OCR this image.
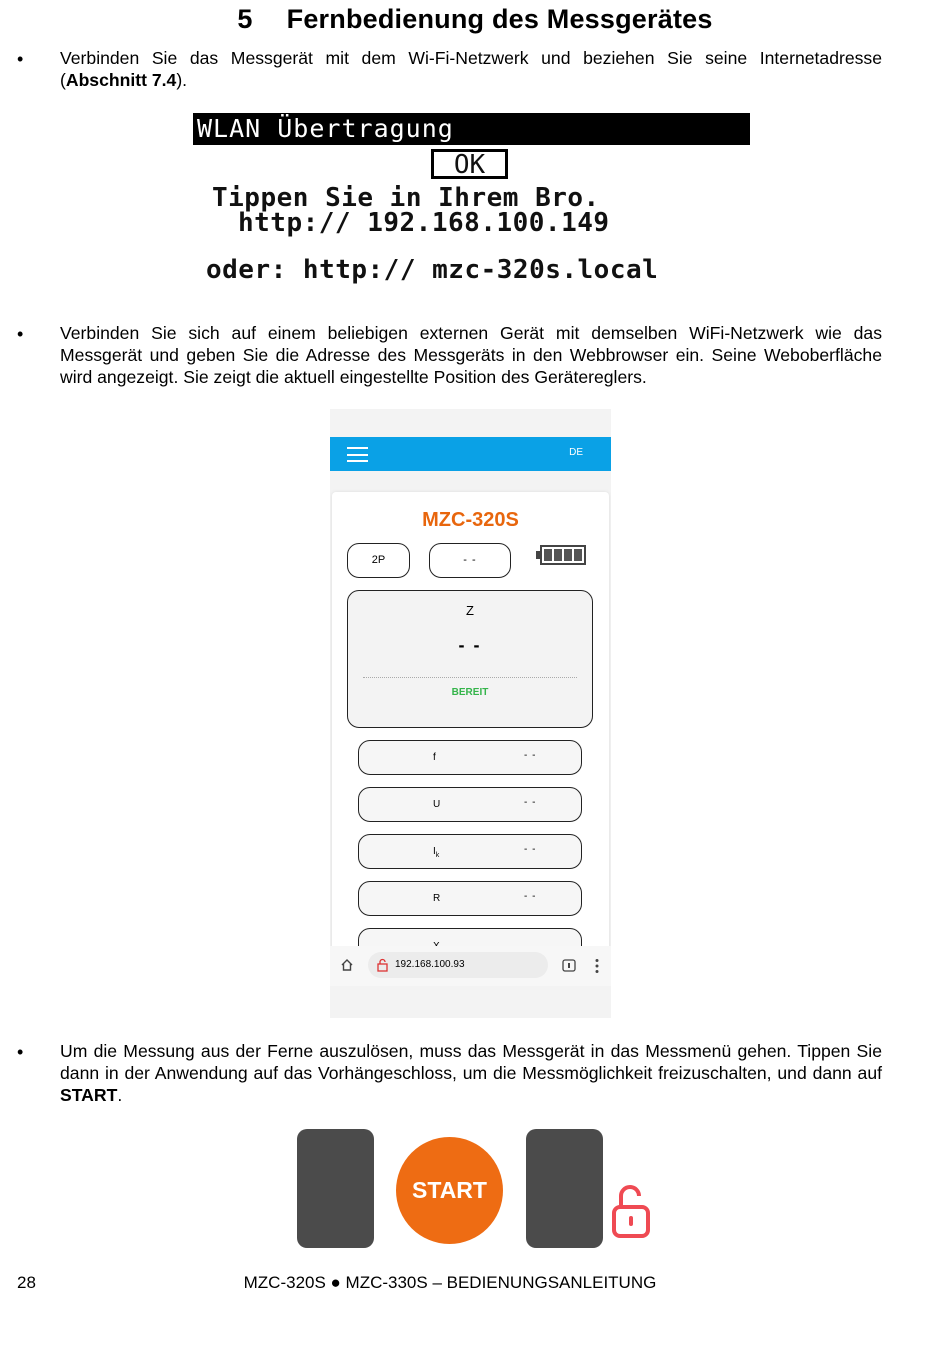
5 Fernbedienung des Messgerätes
• Verbinden Sie das Messgerät mit dem Wi-Fi-Netzwerk und beziehen Sie seine Internetadresse (Abschnitt 7.4).
WLAN Übertragung
OK
Tippen Sie in Ihrem Bro.
http:// 192.168.100.149
oder: http:// mzc-320s.local
• Verbinden Sie sich auf einem beliebigen externen Gerät mit demselben WiFi-Netzwerk wie das Messgerät und geben Sie die Adresse des Messgeräts in den Webbrowser ein. Seine Weboberfläche wird angezeigt. Sie zeigt die aktuell eingestellte Position des Gerätereglers.
DE
MZC-320S
2P	- -
Z
- -
BEREIT
f	- -
U	- -
$I_k$
- -
R	- -
192.168.100.93
• Um die Messung aus der Ferne auszulösen, muss das Messgerät in das Messmenü gehen. Tippen Sie dann in der Anwendung auf das Vorhängeschloss, um die Messmöglichkeit freizuschalten, und dann auf START.
START
28	MZC-320S ● MZC-330S – BEDIENUNGSANLEITUNG
